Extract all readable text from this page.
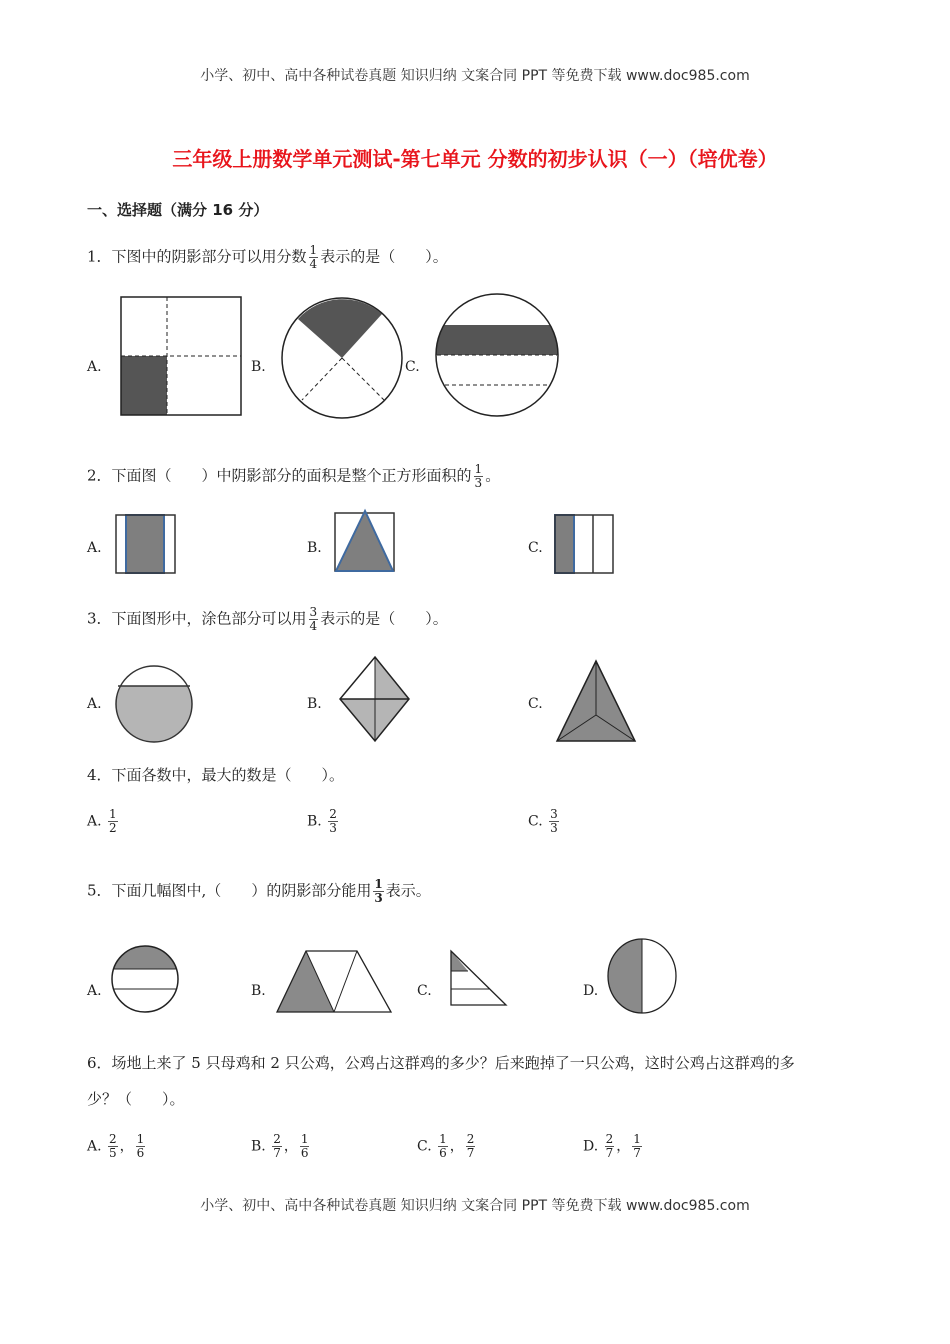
小学、初中、高中各种试卷真题 知识归纳 文案合同 PPT 等免费下载 www.doc985.com
三年级上册数学单元测试-第七单元 分数的初步认识（一）（培优卷）
一、选择题（满分 16 分）
1．下图中的阴影部分可以用分数 $\frac{1}{4}$ 表示的是（　　）。
A.	B.	C.
2．下面图（　　）中阴影部分的面积是整个正方形面积的 $\frac{1}{3}$ 。
A.	B.	C.
3．下面图形中，涂色部分可以用 $\frac{3}{4}$ 表示的是（　　）。
A.	B.	C.
4．下面各数中，最大的数是（　　）。
A. $\frac{1}{2}$	B. $\frac{2}{3}$	C. $\frac{3}{3}$
5．下面几幅图中,（　　）的阴影部分能用 $\frac{1}{3}$ 表示。
A.	B.	C.	D.
6．场地上来了 5 只母鸡和 2 只公鸡，公鸡占这群鸡的多少？后来跑掉了一只公鸡，这时公鸡占这群鸡的多
少？（　　）。
A. $\frac{2}{5}$ ， $\frac{1}{6}$	B. $\frac{2}{7}$ ， $\frac{1}{6}$	C. $\frac{1}{6}$ ， $\frac{2}{7}$	D. $\frac{2}{7}$ ， $\frac{1}{7}$
小学、初中、高中各种试卷真题 知识归纳 文案合同 PPT 等免费下载 www.doc985.com
